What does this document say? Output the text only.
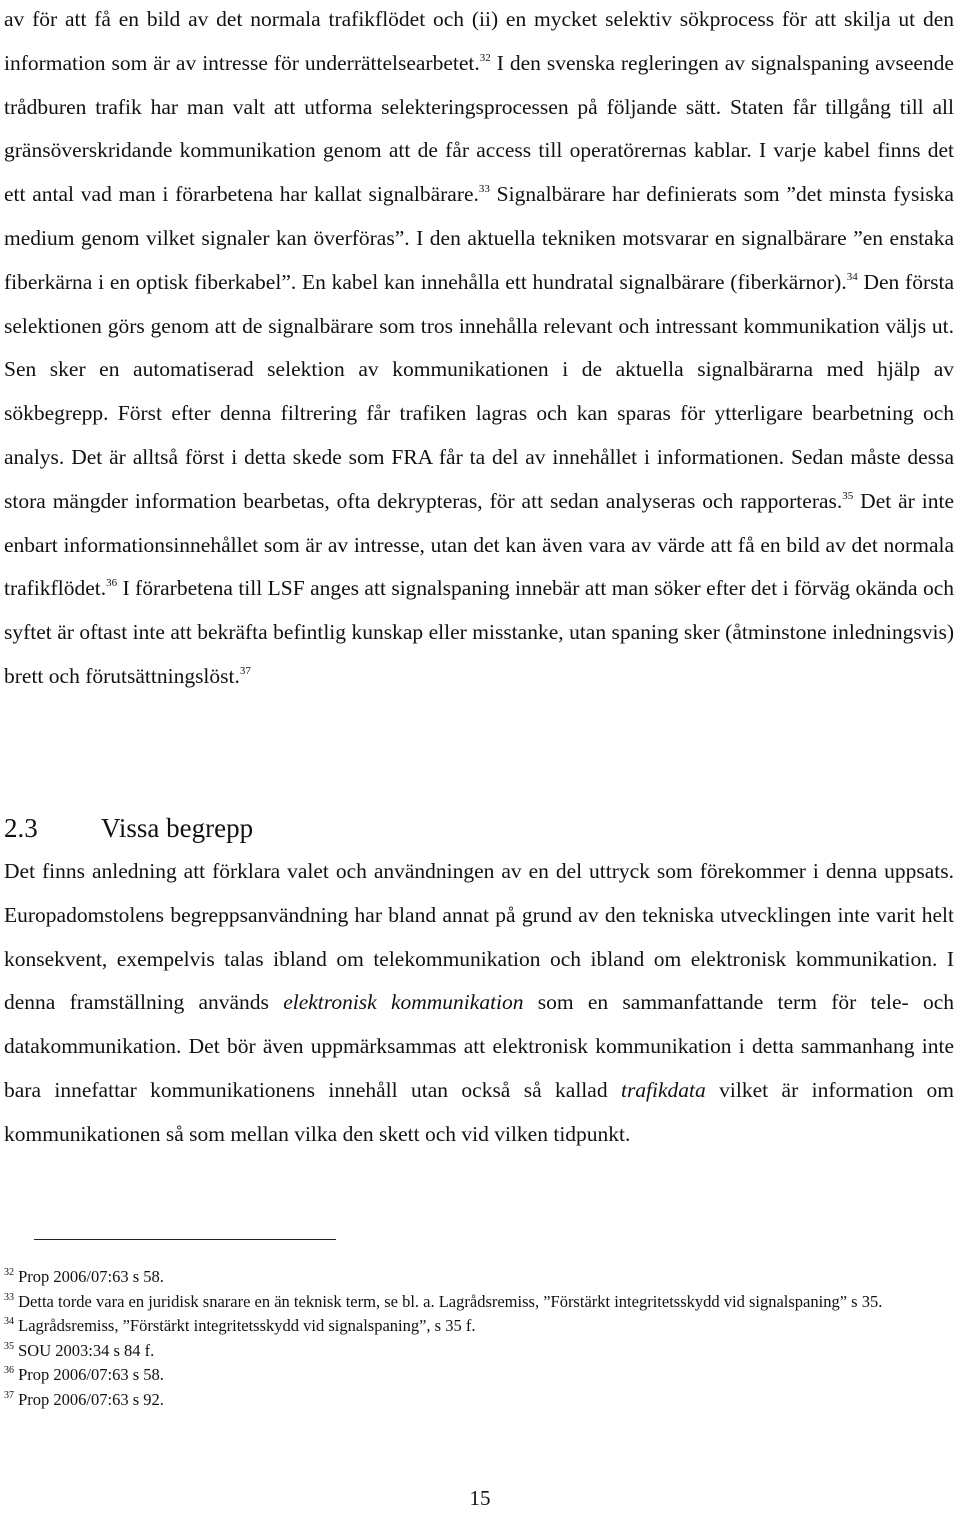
av för att få en bild av det normala trafikflödet och (ii) en mycket selektiv sökprocess för att skilja ut den information som är av intresse för underrättelsearbetet.$^{32}$ I den svenska regleringen av signalspaning avseende trådburen trafik har man valt att utforma selekteringsprocessen på följande sätt. Staten får tillgång till all gränsöverskridande kommunikation genom att de får access till operatörernas kablar. I varje kabel finns det ett antal vad man i förarbetena har kallat signalbärare.$^{33}$ Signalbärare har definierats som ”det minsta fysiska medium genom vilket signaler kan överföras”. I den aktuella tekniken motsvarar en signalbärare ”en enstaka fiberkärna i en optisk fiberkabel”. En kabel kan innehålla ett hundratal signalbärare (fiberkärnor).$^{34}$ Den första selektionen görs genom att de signalbärare som tros innehålla relevant och intressant kommunikation väljs ut. Sen sker en automatiserad selektion av kommunikationen i de aktuella signalbärarna med hjälp av sökbegrepp. Först efter denna filtrering får trafiken lagras och kan sparas för ytterligare bearbetning och analys. Det är alltså först i detta skede som FRA får ta del av innehållet i informationen. Sedan måste dessa stora mängder information bearbetas, ofta dekrypteras, för att sedan analyseras och rapporteras.$^{35}$ Det är inte enbart informationsinnehållet som är av intresse, utan det kan även vara av värde att få en bild av det normala trafikflödet.$^{36}$ I förarbetena till LSF anges att signalspaning innebär att man söker efter det i förväg okända och syftet är oftast inte att bekräfta befintlig kunskap eller misstanke, utan spaning sker (åtminstone inledningsvis) brett och förutsättningslöst.$^{37}$

2.3 Vissa begrepp

Det finns anledning att förklara valet och användningen av en del uttryck som förekommer i denna uppsats. Europadomstolens begreppsanvändning har bland annat på grund av den tekniska utvecklingen inte varit helt konsekvent, exempelvis talas ibland om telekommunikation och ibland om elektronisk kommunikation. I denna framställning används elektronisk kommunikation som en sammanfattande term för tele- och datakommunikation. Det bör även uppmärksammas att elektronisk kommunikation i detta sammanhang inte bara innefattar kommunikationens innehåll utan också så kallad trafikdata vilket är information om kommunikationen så som mellan vilka den skett och vid vilken tidpunkt.

$^{32}$ Prop 2006/07:63 s 58.

$^{33}$ Detta torde vara en juridisk snarare en än teknisk term, se bl. a. Lagrådsremiss, ”Förstärkt integritetsskydd vid signalspaning” s 35.

$^{34}$ Lagrådsremiss, ”Förstärkt integritetsskydd vid signalspaning”, s 35 f.

$^{35}$ SOU 2003:34 s 84 f.

$^{36}$ Prop 2006/07:63 s 58.

$^{37}$ Prop 2006/07:63 s 92.

15
